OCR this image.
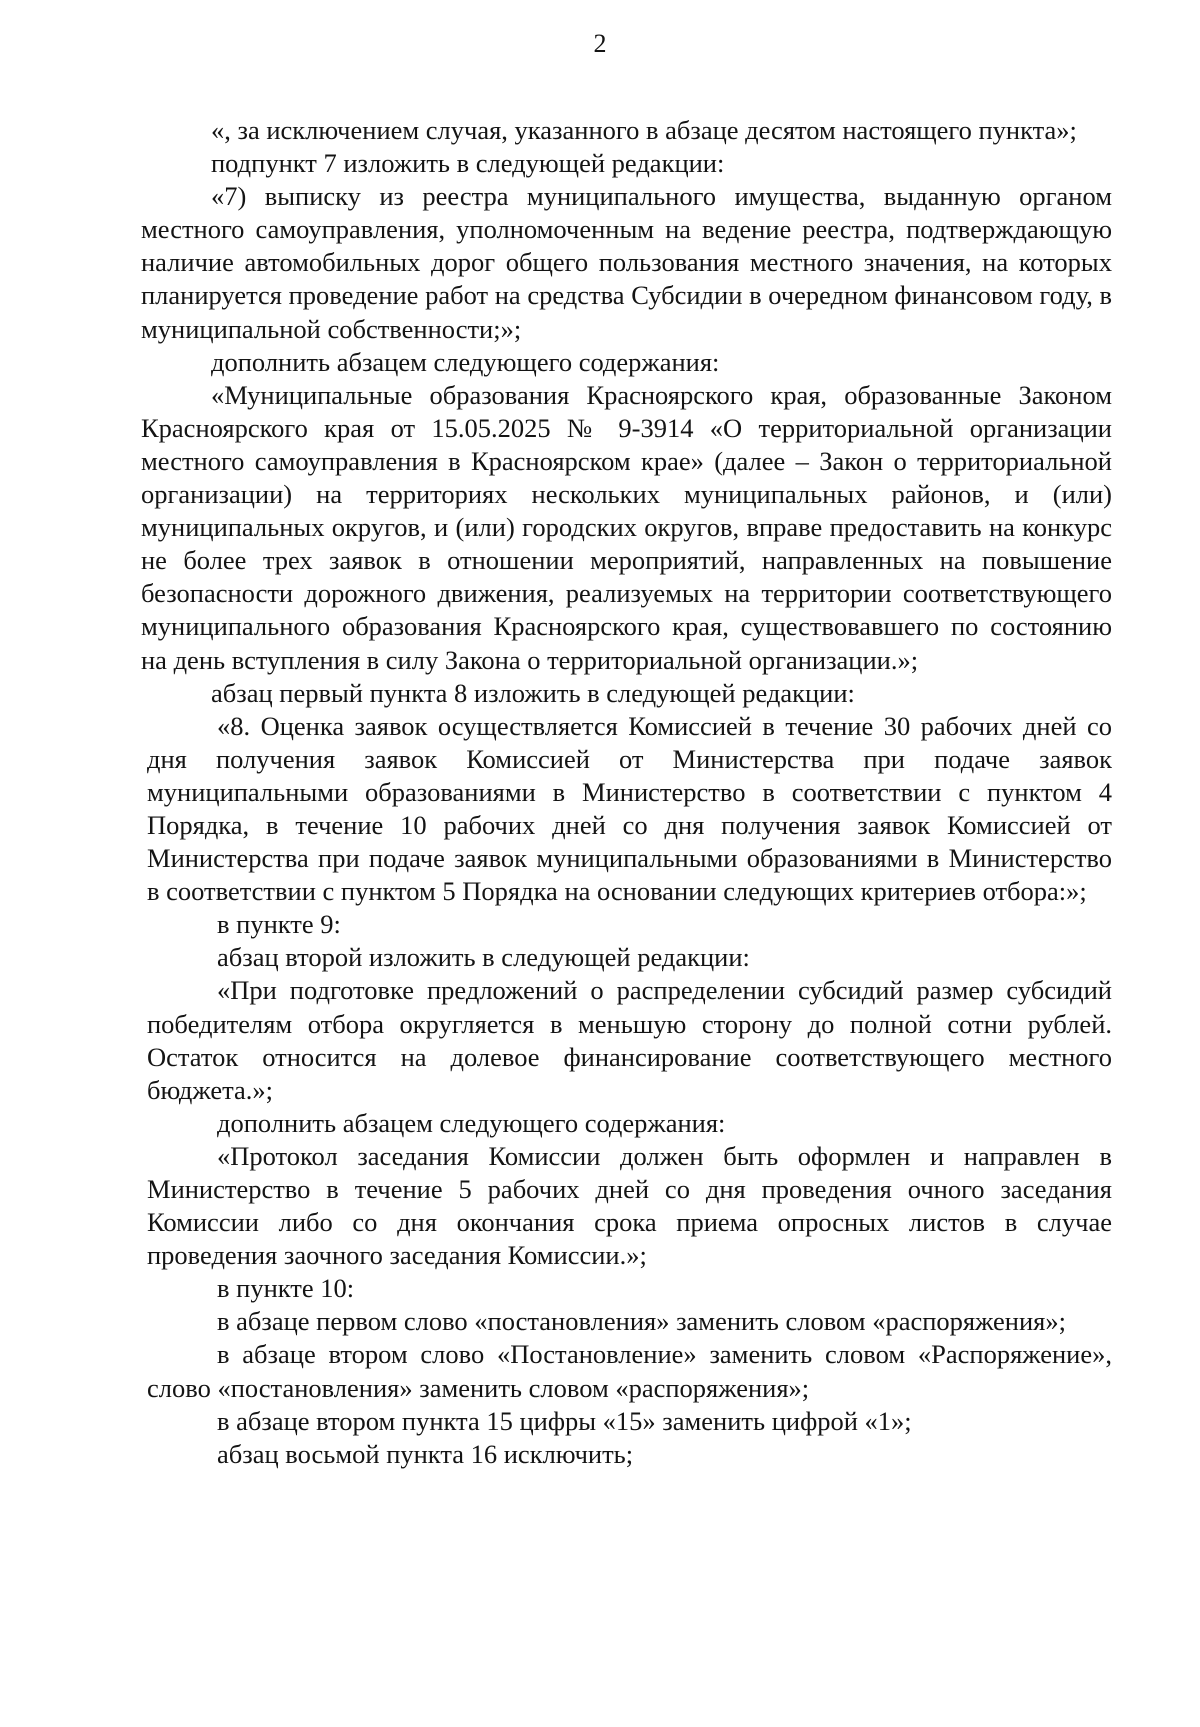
2

«, за исключением случая, указанного в абзаце десятом настоящего пункта»;

подпункт 7 изложить в следующей редакции:

«7) выписку из реестра муниципального имущества, выданную органом местного самоуправления, уполномоченным на ведение реестра, подтверждающую наличие автомобильных дорог общего пользования местного значения, на которых планируется проведение работ на средства Субсидии в очередном финансовом году, в муниципальной собственности;»;

дополнить абзацем следующего содержания:

«Муниципальные образования Красноярского края, образованные Законом Красноярского края от 15.05.2025 № 9-3914 «О территориальной организации местного самоуправления в Красноярском крае» (далее – Закон о территориальной организации) на территориях нескольких муниципальных районов, и (или) муниципальных округов, и (или) городских округов, вправе предоставить на конкурс не более трех заявок в отношении мероприятий, направленных на повышение безопасности дорожного движения, реализуемых на территории соответствующего муниципального образования Красноярского края, существовавшего по состоянию на день вступления в силу Закона о территориальной организации.»;

абзац первый пункта 8 изложить в следующей редакции:

«8. Оценка заявок осуществляется Комиссией в течение 30 рабочих дней со дня получения заявок Комиссией от Министерства при подаче заявок муниципальными образованиями в Министерство в соответствии с пунктом 4 Порядка, в течение 10 рабочих дней со дня получения заявок Комиссией от Министерства при подаче заявок муниципальными образованиями в Министерство в соответствии с пунктом 5 Порядка на основании следующих критериев отбора:»;

в пункте 9:

абзац второй изложить в следующей редакции:

«При подготовке предложений о распределении субсидий размер субсидий победителям отбора округляется в меньшую сторону до полной сотни рублей. Остаток относится на долевое финансирование соответствующего местного бюджета.»;

дополнить абзацем следующего содержания:

«Протокол заседания Комиссии должен быть оформлен и направлен в Министерство в течение 5 рабочих дней со дня проведения очного заседания Комиссии либо со дня окончания срока приема опросных листов в случае проведения заочного заседания Комиссии.»;

в пункте 10:

в абзаце первом слово «постановления» заменить словом «распоряжения»;

в абзаце втором слово «Постановление» заменить словом «Распоряжение», слово «постановления» заменить словом «распоряжения»;

в абзаце втором пункта 15 цифры «15» заменить цифрой «1»;

абзац восьмой пункта 16 исключить;
